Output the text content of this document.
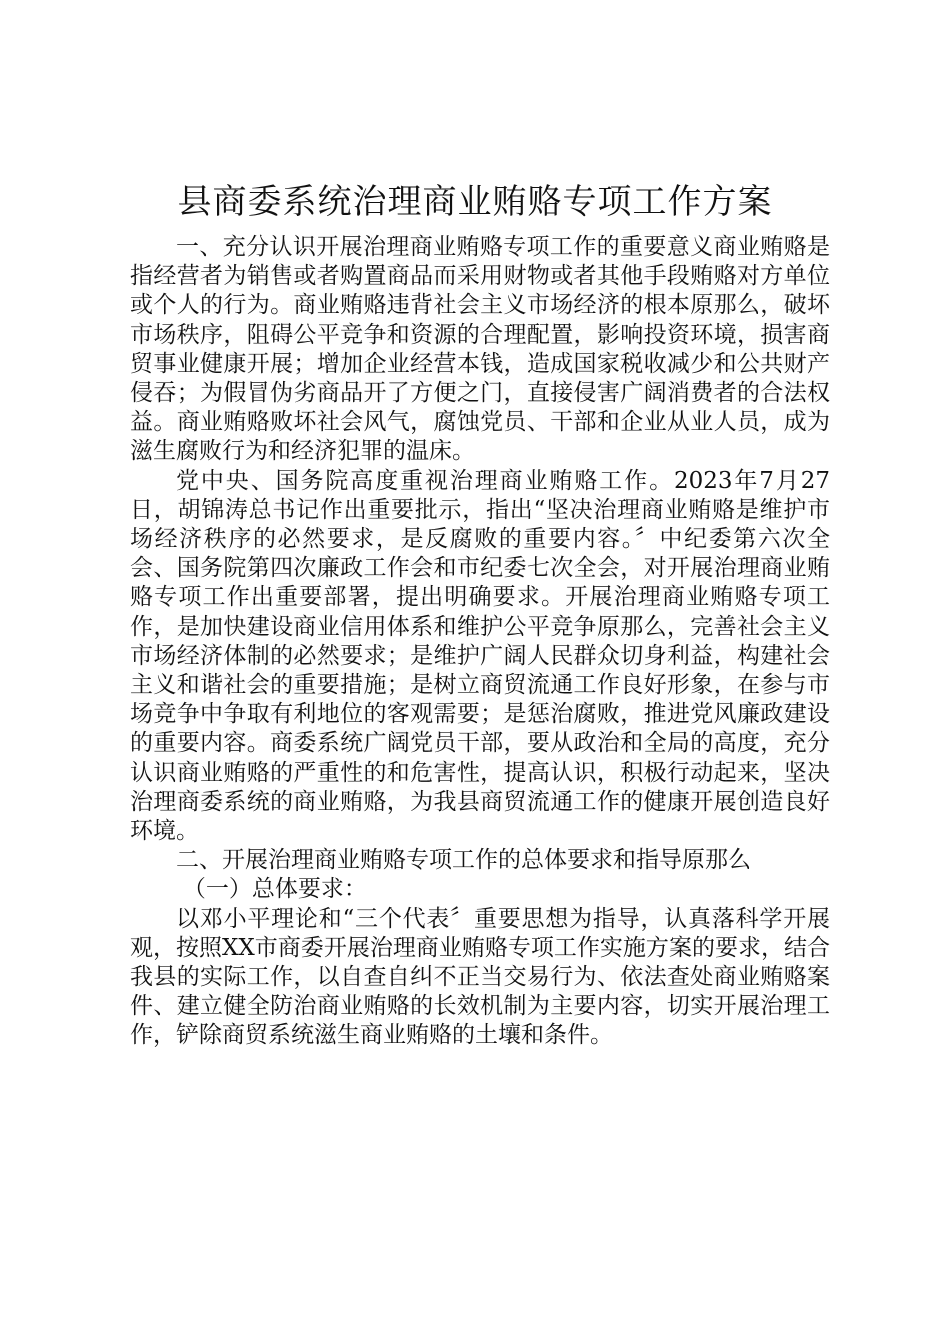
县商委系统治理商业贿赂专项工作方案

一、充分认识开展治理商业贿赂专项工作的重要意义商业贿赂是指经营者为销售或者购置商品而采用财物或者其他手段贿赂对方单位或个人的行为。商业贿赂违背社会主义市场经济的根本原那么，破坏市场秩序，阻碍公平竞争和资源的合理配置，影响投资环境，损害商贸事业健康开展；增加企业经营本钱，造成国家税收减少和公共财产侵吞；为假冒伪劣商品开了方便之门，直接侵害广阔消费者的合法权益。商业贿赂败坏社会风气，腐蚀党员、干部和企业从业人员，成为滋生腐败行为和经济犯罪的温床。

党中央、国务院高度重视治理商业贿赂工作。2023年7月27日，胡锦涛总书记作出重要批示，指出“坚决治理商业贿赂是维护市场经济秩序的必然要求，是反腐败的重要内容。〞中纪委第六次全会、国务院第四次廉政工作会和市纪委七次全会，对开展治理商业贿赂专项工作出重要部署，提出明确要求。开展治理商业贿赂专项工作，是加快建设商业信用体系和维护公平竞争原那么，完善社会主义市场经济体制的必然要求；是维护广阔人民群众切身利益，构建社会主义和谐社会的重要措施；是树立商贸流通工作良好形象，在参与市场竞争中争取有利地位的客观需要；是惩治腐败，推进党风廉政建设的重要内容。商委系统广阔党员干部，要从政治和全局的高度，充分认识商业贿赂的严重性的和危害性，提高认识，积极行动起来，坚决治理商委系统的商业贿赂，为我县商贸流通工作的健康开展创造良好环境。

二、开展治理商业贿赂专项工作的总体要求和指导原那么

（一）总体要求：

以邓小平理论和“三个代表〞重要思想为指导，认真落科学开展观，按照XX市商委开展治理商业贿赂专项工作实施方案的要求，结合我县的实际工作，以自查自纠不正当交易行为、依法查处商业贿赂案件、建立健全防治商业贿赂的长效机制为主要内容，切实开展治理工作，铲除商贸系统滋生商业贿赂的土壤和条件。
